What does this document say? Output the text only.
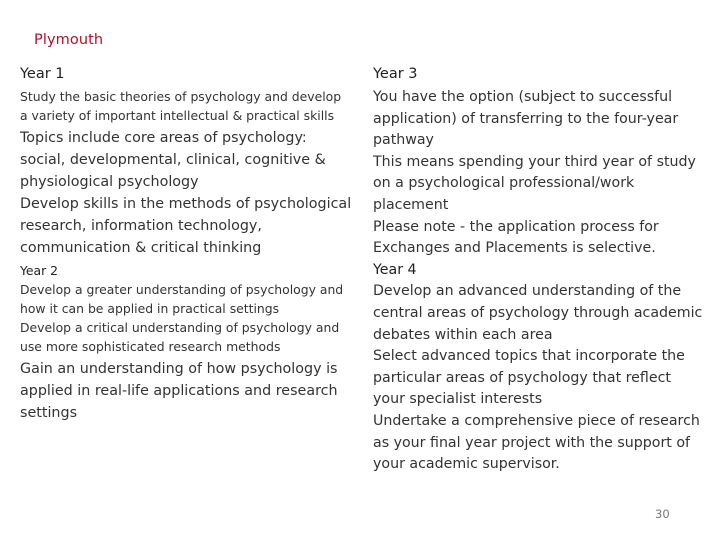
Plymouth

Year 1

Study the basic theories of psychology and develop a variety of important intellectual & practical skills

Topics include core areas of psychology: social, developmental, clinical, cognitive & physiological psychology

Develop skills in the methods of psychological research, information technology, communication & critical thinking

Year 2

Develop a greater understanding of psychology and how it can be applied in practical settings

Develop a critical understanding of psychology and use more sophisticated research methods

Gain an understanding of how psychology is applied in real-life applications and research settings

Year 3

You have the option (subject to successful application) of transferring to the four-year pathway

This means spending your third year of study on a psychological professional/work placement

Please note - the application process for Exchanges and Placements is selective.

Year 4

Develop an advanced understanding of the central areas of psychology through academic debates within each area

Select advanced topics that incorporate the particular areas of psychology that reflect your specialist interests

Undertake a comprehensive piece of research as your final year project with the support of your academic supervisor.

30
